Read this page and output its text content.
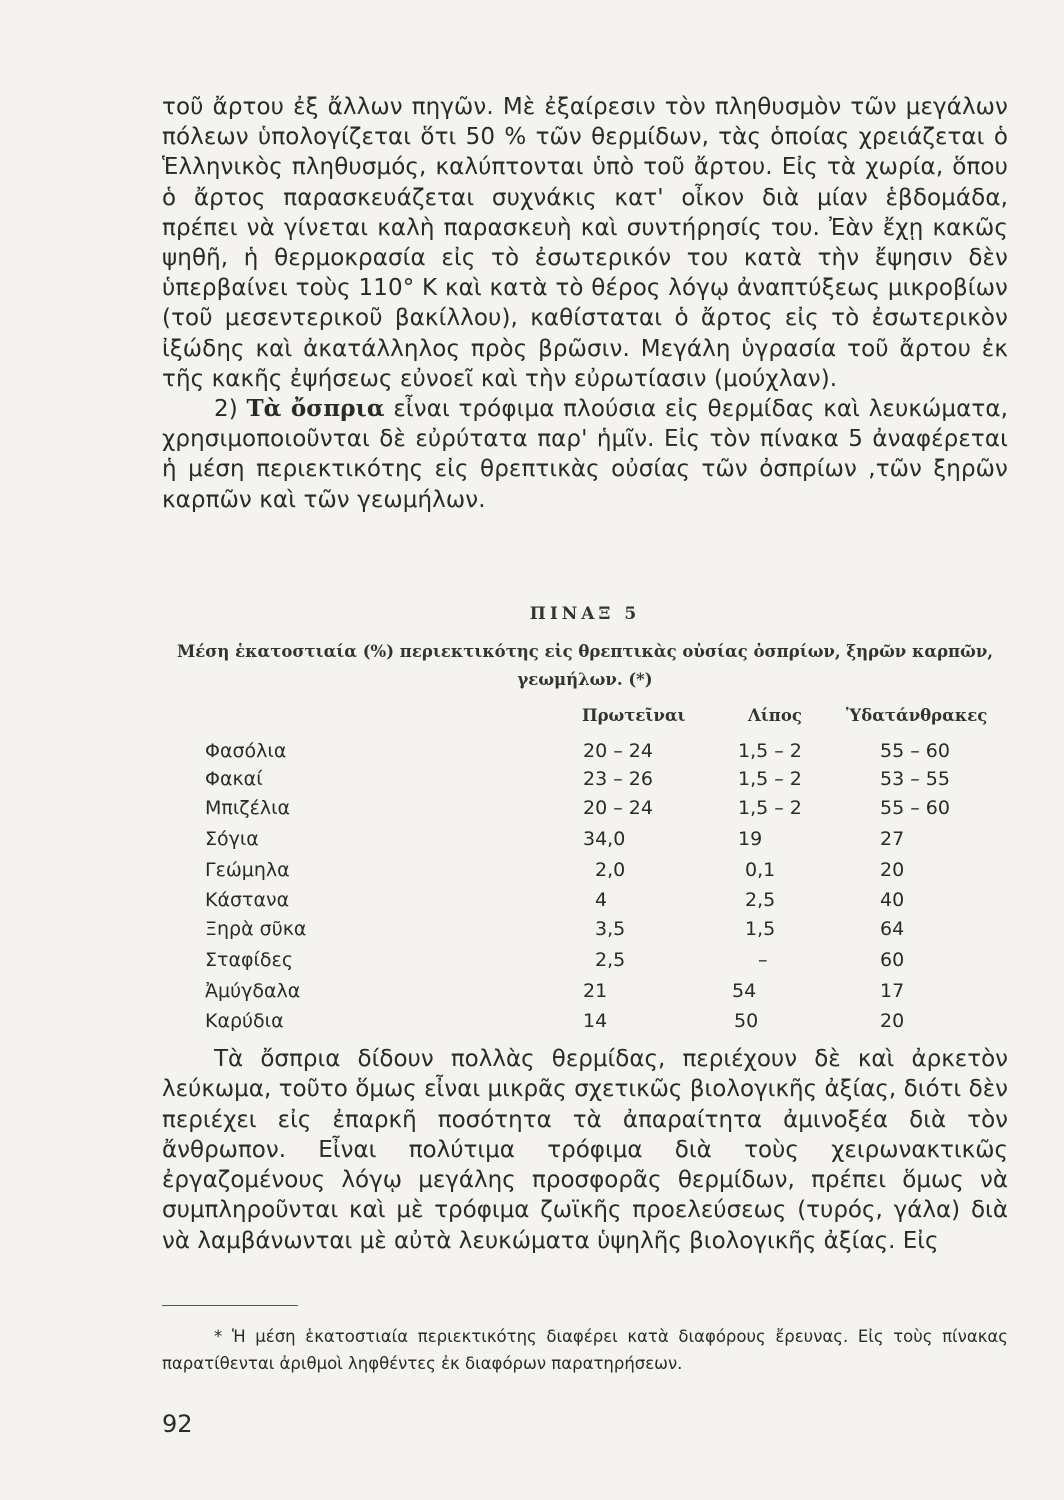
τοῦ ἄρτου ἐξ ἄλλων πηγῶν. Μὲ ἐξαίρεσιν τὸν πληθυσμὸν τῶν μεγάλων πόλεων ὑπολογίζεται ὅτι 50 % τῶν θερμίδων, τὰς ὁποίας χρειάζεται ὁ Ἑλληνικὸς πληθυσμός, καλύπτονται ὑπὸ τοῦ ἄρτου. Εἰς τὰ χωρία, ὅπου ὁ ἄρτος παρασκευάζεται συχνάκις κατ' οἶκον διὰ μίαν ἑβδομάδα, πρέπει νὰ γίνεται καλὴ παρασκευὴ καὶ συντήρησίς του. Ἐὰν ἔχῃ κακῶς ψηθῆ, ἡ θερμοκρασία εἰς τὸ ἐσωτερικόν του κατὰ τὴν ἔψησιν δὲν ὑπερβαίνει τοὺς 110° Κ καὶ κατὰ τὸ θέρος λόγῳ ἀναπτύξεως μικροβίων (τοῦ μεσεντερικοῦ βακίλλου), καθίσταται ὁ ἄρτος εἰς τὸ ἐσωτερικὸν ἰξώδης καὶ ἀκατάλληλος πρὸς βρῶσιν. Μεγάλη ὑγρασία τοῦ ἄρτου ἐκ τῆς κακῆς ἐψήσεως εὐνοεῖ καὶ τὴν εὐρωτίασιν (μούχλαν).

2) Τὰ ὄσπρια εἶναι τρόφιμα πλούσια εἰς θερμίδας καὶ λευκώματα, χρησιμοποιοῦνται δὲ εὐρύτατα παρ' ἡμῖν. Εἰς τὸν πίνακα 5 ἀναφέρεται ἡ μέση περιεκτικότης εἰς θρεπτικὰς οὐσίας τῶν ὀσπρίων ,τῶν ξηρῶν καρπῶν καὶ τῶν γεωμήλων.

ΠΙΝΑΞ 5
Μέση ἑκατοστιαία (%) περιεκτικότης εἰς θρεπτικὰς οὐσίας ὀσπρίων, ξηρῶν καρπῶν,
γεωμήλων. (*)
Πρωτεῖναι	Λίπος	Ὑδατάνθρακες
Φασόλια	20 – 24	1,5 – 2	55 – 60
Φακαί	23 – 26	1,5 – 2	53 – 55
Μπιζέλια	20 – 24	1,5 – 2	55 – 60
Σόγια	34,0	19	27
Γεώμηλα	2,0	0,1	20
Κάστανα	4	2,5	40
Ξηρὰ σῦκα	3,5	1,5	64
Σταφίδες	2,5	–	60
Ἀμύγδαλα	21	54	17
Καρύδια	14	50	20

Τὰ ὄσπρια δίδουν πολλὰς θερμίδας, περιέχουν δὲ καὶ ἀρκετὸν λεύκωμα, τοῦτο ὅμως εἶναι μικρᾶς σχετικῶς βιολογικῆς ἀξίας, διότι δὲν περιέχει εἰς ἐπαρκῆ ποσότητα τὰ ἀπαραίτητα ἀμινοξέα διὰ τὸν ἄνθρωπον. Εἶναι πολύτιμα τρόφιμα διὰ τοὺς χειρωνακτικῶς ἐργαζομένους λόγῳ μεγάλης προσφορᾶς θερμίδων, πρέπει ὅμως νὰ συμπληροῦνται καὶ μὲ τρόφιμα ζωϊκῆς προελεύσεως (τυρός, γάλα) διὰ νὰ λαμβάνωνται μὲ αὐτὰ λευκώματα ὑψηλῆς βιολογικῆς ἀξίας. Εἰς

* Ἡ μέση ἑκατοστιαία περιεκτικότης διαφέρει κατὰ διαφόρους ἔρευνας. Εἰς τοὺς πίνακας παρατίθενται ἀριθμοὶ ληφθέντες ἐκ διαφόρων παρατηρήσεων.

92
